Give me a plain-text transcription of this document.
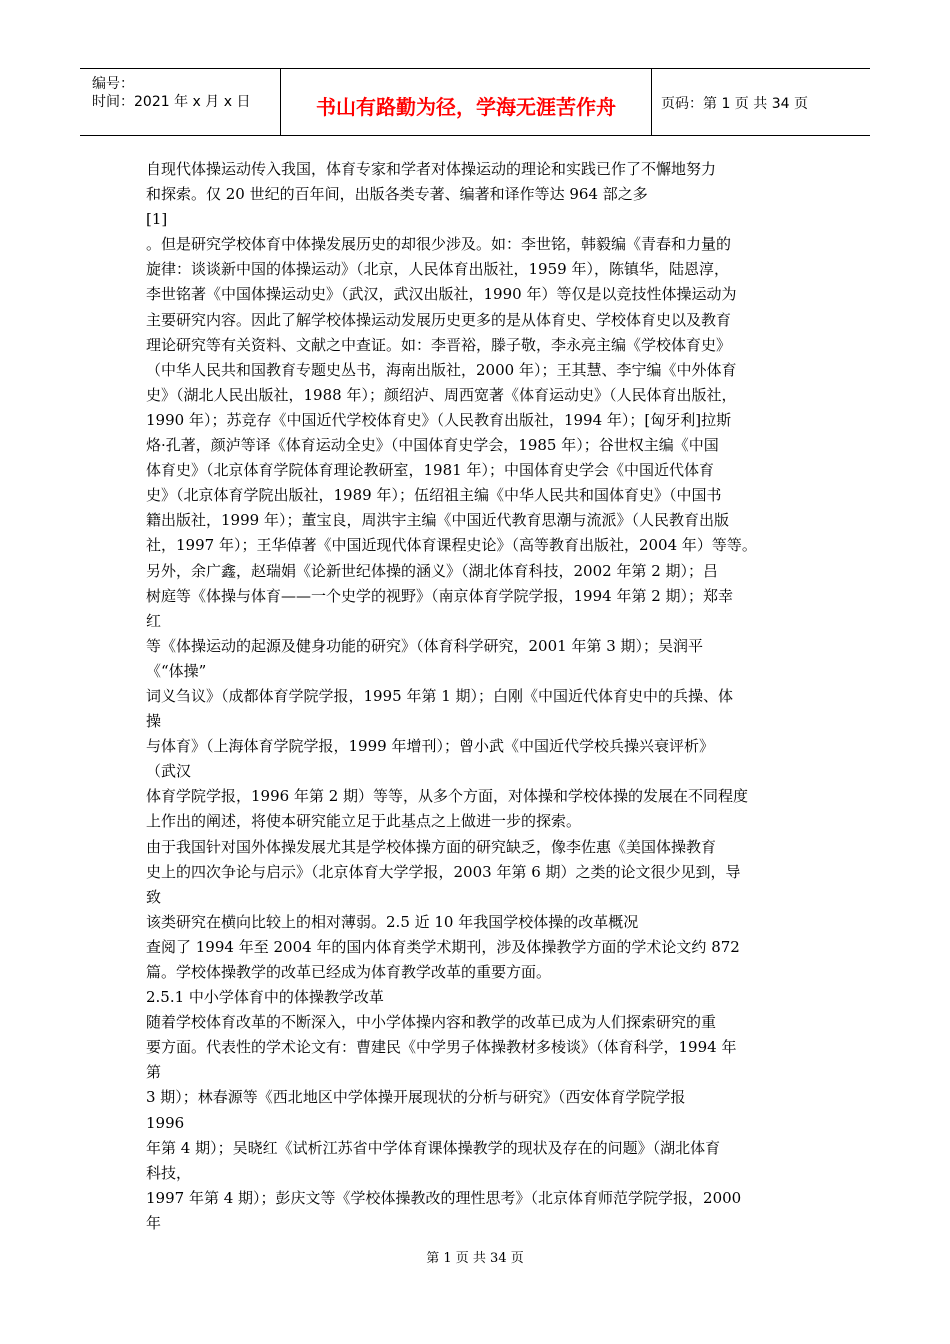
编号：
时间：2021 年 x 月 x 日	书山有路勤为径，学海无涯苦作舟	页码：第 1 页 共 34 页
自现代体操运动传入我国，体育专家和学者对体操运动的理论和实践已作了不懈地努力
和探索。仅 20 世纪的百年间，出版各类专著、编著和译作等达 964 部之多
[1]
。但是研究学校体育中体操发展历史的却很少涉及。如：李世铭，韩毅编《青春和力量的
旋律：谈谈新中国的体操运动》（北京，人民体育出版社，1959 年），陈镇华，陆恩淳，
李世铭著《中国体操运动史》（武汉，武汉出版社，1990 年）等仅是以竞技性体操运动为
主要研究内容。因此了解学校体操运动发展历史更多的是从体育史、学校体育史以及教育
理论研究等有关资料、文献之中查证。如：李晋裕，滕子敬，李永亮主编《学校体育史》
（中华人民共和国教育专题史丛书，海南出版社，2000 年）；王其慧、李宁编《中外体育
史》（湖北人民出版社，1988 年）；颜绍泸、周西宽著《体育运动史》（人民体育出版社，
1990 年）；苏竞存《中国近代学校体育史》（人民教育出版社，1994 年）；[匈牙利]拉斯
烙·孔著，颜泸等译《体育运动全史》（中国体育史学会，1985 年）；谷世权主编《中国
体育史》（北京体育学院体育理论教研室，1981 年）；中国体育史学会《中国近代体育
史》（北京体育学院出版社，1989 年）；伍绍祖主编《中华人民共和国体育史》（中国书
籍出版社，1999 年）；董宝良，周洪宇主编《中国近代教育思潮与流派》（人民教育出版
社，1997 年）；王华倬著《中国近现代体育课程史论》（高等教育出版社，2004 年）等等。
另外，余广鑫，赵瑞娟《论新世纪体操的涵义》（湖北体育科技，2002 年第 2 期）；吕
树庭等《体操与体育——一个史学的视野》（南京体育学院学报，1994 年第 2 期）；郑幸
红
等《体操运动的起源及健身功能的研究》（体育科学研究，2001 年第 3 期）；吴润平
《“体操”
词义刍议》（成都体育学院学报，1995 年第 1 期）；白刚《中国近代体育史中的兵操、体
操
与体育》（上海体育学院学报，1999 年增刊）；曾小武《中国近代学校兵操兴衰评析》
（武汉
体育学院学报，1996 年第 2 期）等等，从多个方面，对体操和学校体操的发展在不同程度
上作出的阐述，将使本研究能立足于此基点之上做进一步的探索。
由于我国针对国外体操发展尤其是学校体操方面的研究缺乏，像李佐惠《美国体操教育
史上的四次争论与启示》（北京体育大学学报，2003 年第 6 期）之类的论文很少见到，导
致
该类研究在横向比较上的相对薄弱。2.5 近 10 年我国学校体操的改革概况
查阅了 1994 年至 2004 年的国内体育类学术期刊，涉及体操教学方面的学术论文约 872
篇。学校体操教学的改革已经成为体育教学改革的重要方面。
2.5.1 中小学体育中的体操教学改革
随着学校体育改革的不断深入，中小学体操内容和教学的改革已成为人们探索研究的重
要方面。代表性的学术论文有：曹建民《中学男子体操教材多棱谈》（体育科学，1994 年
第
3 期）；林春源等《西北地区中学体操开展现状的分析与研究》（西安体育学院学报
1996
年第 4 期）；吴晓红《试析江苏省中学体育课体操教学的现状及存在的问题》（湖北体育
科技，
1997 年第 4 期）；彭庆文等《学校体操教改的理性思考》（北京体育师范学院学报，2000
年
第 1 页 共 34 页
